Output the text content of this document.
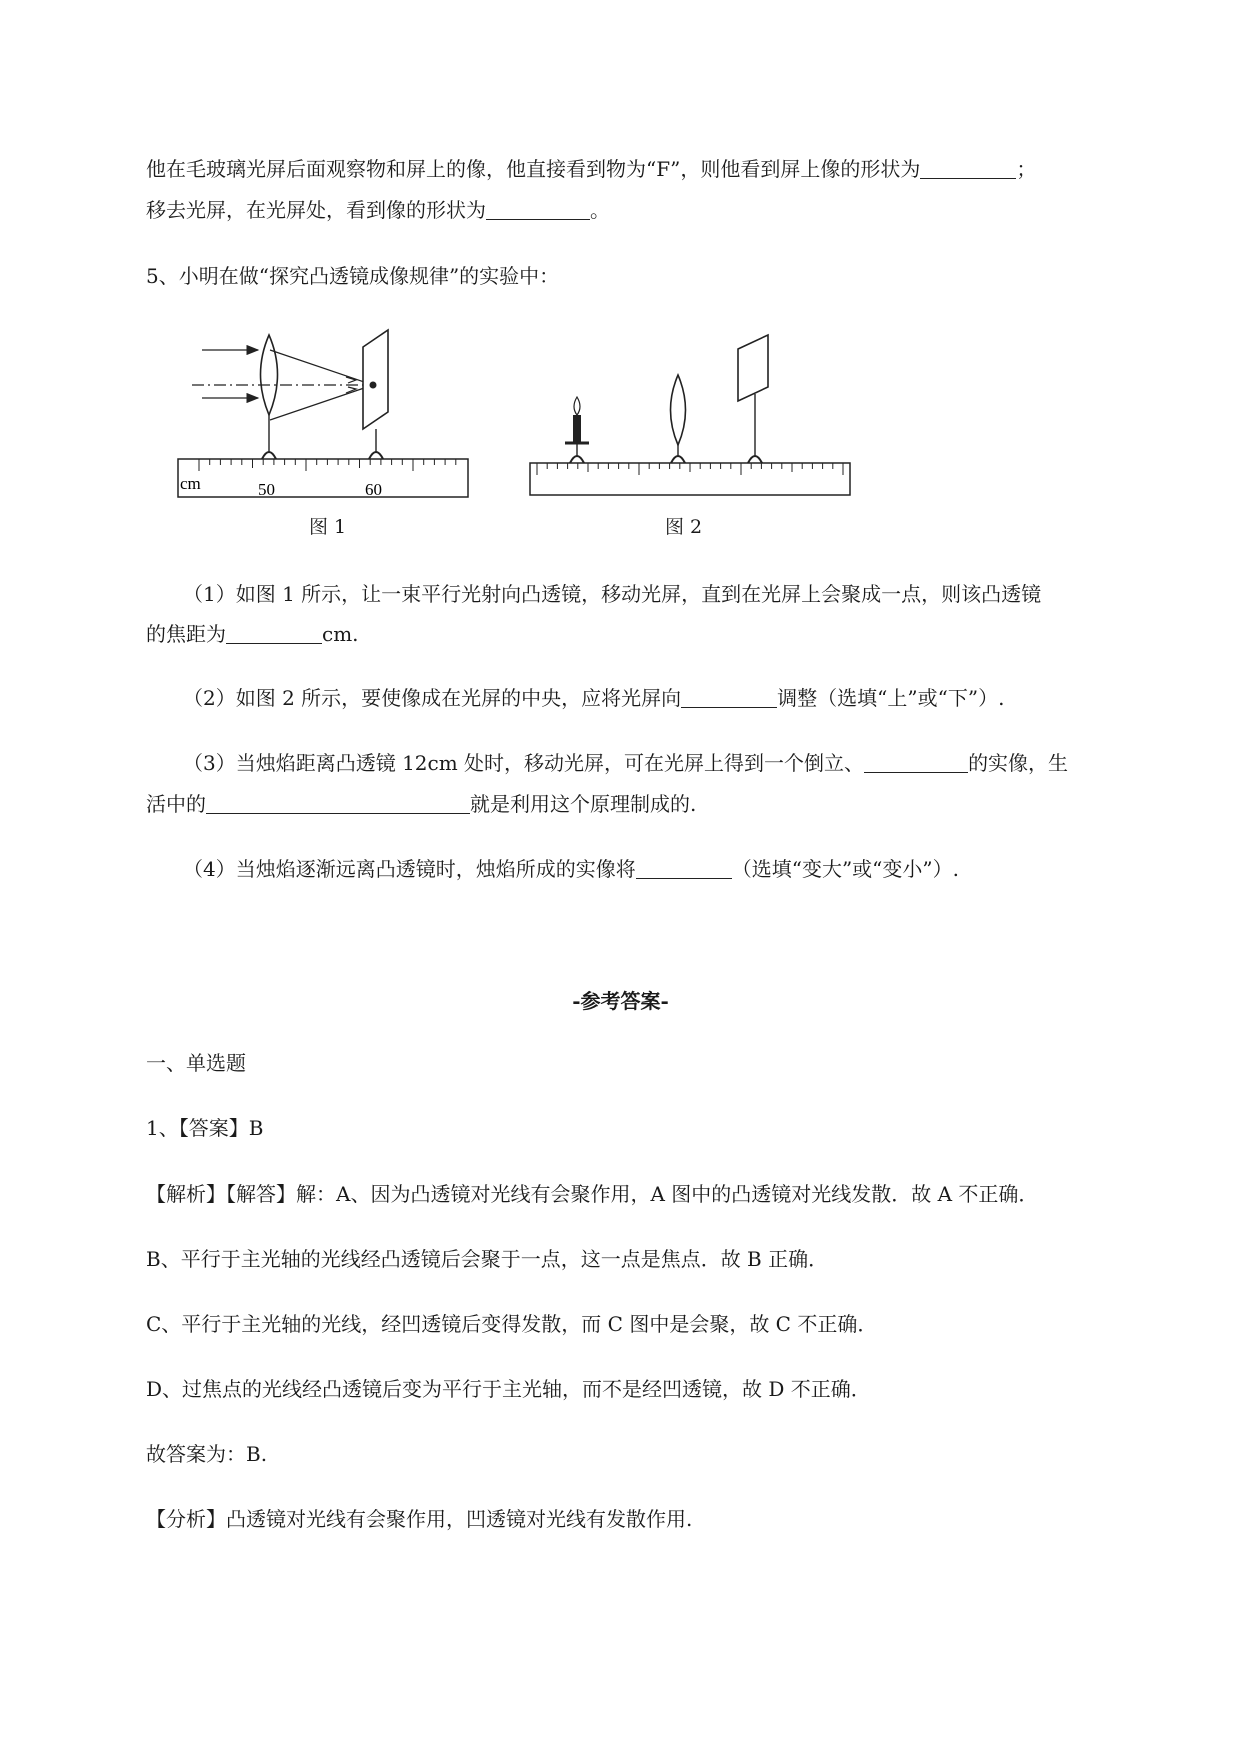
他在毛玻璃光屏后面观察物和屏上的像，他直接看到物为“F”，则他看到屏上像的形状为	；
移去光屏，在光屏处，看到像的形状为	。
5、小明在做“探究凸透镜成像规律”的实验中：
cm	50	60
图 1	图 2
（1）如图 1 所示，让一束平行光射向凸透镜，移动光屏，直到在光屏上会聚成一点，则该凸透镜
的焦距为	cm.
（2）如图 2 所示，要使像成在光屏的中央，应将光屏向	调整（选填“上”或“下”）.
（3）当烛焰距离凸透镜 12cm 处时，移动光屏，可在光屏上得到一个倒立、	的实像，生
活中的	就是利用这个原理制成的.
（4）当烛焰逐渐远离凸透镜时，烛焰所成的实像将	（选填“变大”或“变小”）.
-参考答案-
一、单选题
1、【答案】B
【解析】【解答】解：A、因为凸透镜对光线有会聚作用，A 图中的凸透镜对光线发散．故 A 不正确．
B、平行于主光轴的光线经凸透镜后会聚于一点，这一点是焦点．故 B 正确．
C、平行于主光轴的光线，经凹透镜后变得发散，而 C 图中是会聚，故 C 不正确．
D、过焦点的光线经凸透镜后变为平行于主光轴，而不是经凹透镜，故 D 不正确．
故答案为：B.
【分析】凸透镜对光线有会聚作用，凹透镜对光线有发散作用.
